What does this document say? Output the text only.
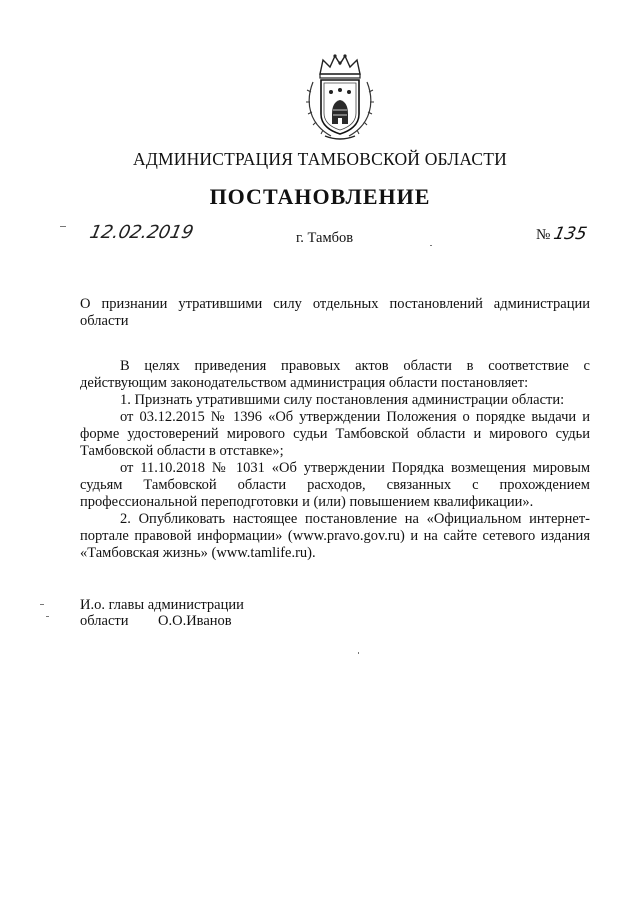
АДМИНИСТРАЦИЯ ТАМБОВСКОЙ ОБЛАСТИ
ПОСТАНОВЛЕНИЕ
12.02.2019	г. Тамбов	№ 135
О признании утратившими силу отдельных постановлений администрации области

В целях приведения правовых актов области в соответствие с действующим законодательством администрация области постановляет:

1. Признать утратившими силу постановления администрации области:

от 03.12.2015 № 1396 «Об утверждении Положения о порядке выдачи и форме удостоверений мирового судьи Тамбовской области и мирового судьи Тамбовской области в отставке»;

от 11.10.2018 № 1031 «Об утверждении Порядка возмещения мировым судьям Тамбовской области расходов, связанных с прохождением профессиональной переподготовки и (или) повышением квалификации».

2. Опубликовать настоящее постановление на «Официальном интернет-портале правовой информации» (www.pravo.gov.ru) и на сайте сетевого издания «Тамбовская жизнь» (www.tamlife.ru).

И.о. главы администрации
области О.О.Иванов
